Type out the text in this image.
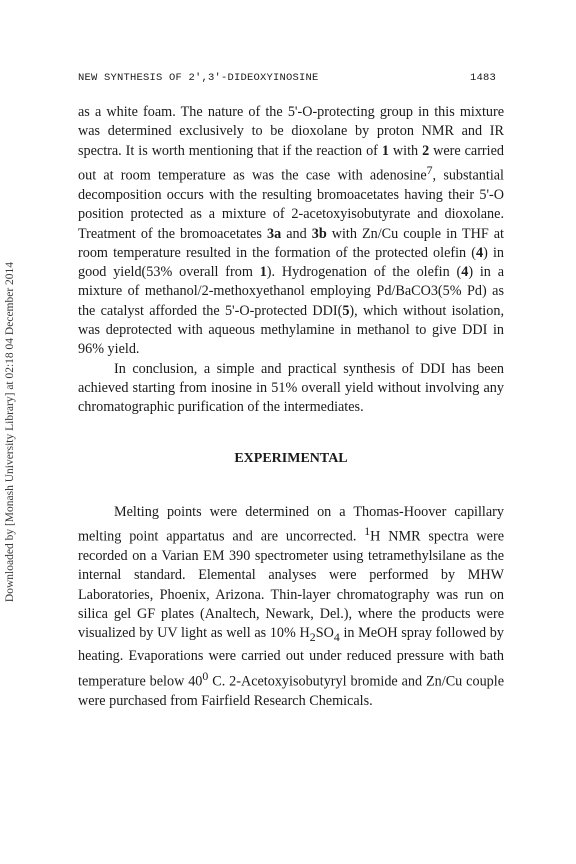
NEW SYNTHESIS OF 2',3'-DIDEOXYINOSINE	1483
Downloaded by [Monash University Library] at 02:18 04 December 2014

as a white foam. The nature of the 5'-O-protecting group in this mixture was determined exclusively to be dioxolane by proton NMR and IR spectra. It is worth mentioning that if the reaction of 1 with 2 were carried out at room temperature as was the case with adenosine$^7$, substantial decomposition occurs with the resulting bromoacetates having their 5'-O position protected as a mixture of 2-acetoxyisobutyrate and dioxolane. Treatment of the bromoacetates 3a and 3b with Zn/Cu couple in THF at room temperature resulted in the formation of the protected olefin (4) in good yield(53% overall from 1). Hydrogenation of the olefin (4) in a mixture of methanol/2-methoxyethanol employing Pd/BaCO3(5% Pd) as the catalyst afforded the 5'-O-protected DDI(5), which without isolation, was deprotected with aqueous methylamine in methanol to give DDI in 96% yield.

In conclusion, a simple and practical synthesis of DDI has been achieved starting from inosine in 51% overall yield without involving any chromatographic purification of the intermediates.

EXPERIMENTAL

Melting points were determined on a Thomas-Hoover capillary melting point appartatus and are uncorrected. $^1$H NMR spectra were recorded on a Varian EM 390 spectrometer using tetramethylsilane as the internal standard. Elemental analyses were performed by MHW Laboratories, Phoenix, Arizona. Thin-layer chromatography was run on silica gel GF plates (Analtech, Newark, Del.), where the products were visualized by UV light as well as 10% $H_2SO_4$ in MeOH spray followed by heating. Evaporations were carried out under reduced pressure with bath temperature below $40^0$ C. 2-Acetoxyisobutyryl bromide and Zn/Cu couple were purchased from Fairfield Research Chemicals.
